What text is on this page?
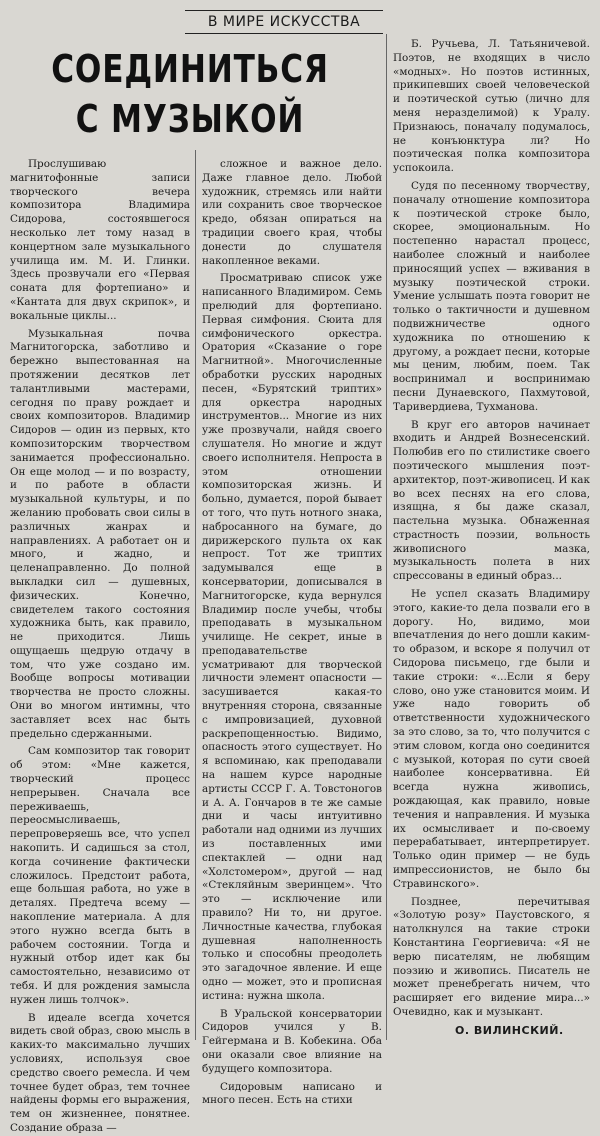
В МИРЕ ИСКУССТВА
СОЕДИНИТЬСЯ
С МУЗЫКОЙ

Прослушиваю магнитофонные записи творческого вечера композитора Владимира Сидорова, состоявшегося несколько лет тому назад в концертном зале музыкального училища им. М. И. Глинки. Здесь прозвучали его «Первая соната для фортепиано» и «Кантата для двух скрипок», и вокальные циклы...

Музыкальная почва Магнитогорска, заботливо и бережно выпестованная на протяжении десятков лет талантливыми мастерами, сегодня по праву рождает и своих композиторов. Владимир Сидоров — один из первых, кто композиторским творчеством занимается профессионально. Он еще молод — и по возрасту, и по работе в области музыкальной культуры, и по желанию пробовать свои силы в различных жанрах и направлениях. А работает он и много, и жадно, и целенаправленно. До полной выкладки сил — душевных, физических. Конечно, свидетелем такого состояния художника быть, как правило, не приходится. Лишь ощущаешь щедрую отдачу в том, что уже создано им. Вообще вопросы мотивации творчества не просто сложны. Они во многом интимны, что заставляет всех нас быть предельно сдержанными.

Сам композитор так говорит об этом: «Мне кажется, творческий процесс непрерывен. Сначала все переживаешь, переосмысливаешь, перепроверяешь все, что успел накопить. И садишься за стол, когда сочинение фактически сложилось. Предстоит работа, еще большая работа, но уже в деталях. Предтеча всему — накопление материала. А для этого нужно всегда быть в рабочем состоянии. Тогда и нужный отбор идет как бы самостоятельно, независимо от тебя. И для рождения замысла нужен лишь толчок».

В идеале всегда хочется видеть свой образ, свою мысль в каких-то максимально лучших условиях, используя свое средство своего ремесла. И чем точнее будет образ, тем точнее найдены формы его выражения, тем он жизненнее, понятнее. Создание образа —

сложное и важное дело. Даже главное дело. Любой художник, стремясь или найти или сохранить свое творческое кредо, обязан опираться на традиции своего края, чтобы донести до слушателя накопленное веками.

Просматриваю список уже написанного Владимиром. Семь прелюдий для фортепиано. Первая симфония. Сюита для симфонического оркестра. Оратория «Сказание о горе Магнитной». Многочисленные обработки русских народных песен, «Бурятский триптих» для оркестра народных инструментов... Многие из них уже прозвучали, найдя своего слушателя. Но многие и ждут своего исполнителя. Непроста в этом отношении композиторская жизнь. И больно, думается, порой бывает от того, что путь нотного знака, набросанного на бумаге, до дирижерского пульта ох как непрост. Тот же триптих задумывался еще в консерватории, дописывался в Магнитогорске, куда вернулся Владимир после учебы, чтобы преподавать в музыкальном училище. Не секрет, иные в преподавательстве усматривают для творческой личности элемент опасности — засушивается какая-то внутренняя сторона, связанные с импровизацией, духовной раскрепощенностью. Видимо, опасность этого существует. Но я вспоминаю, как преподавали на нашем курсе народные артисты СССР Г. А. Товстоногов и А. А. Гончаров в те же самые дни и часы интуитивно работали над одними из лучших из поставленных ими спектаклей — одни над «Холстомером», другой — над «Стекляйным зверинцем». Что это — исключение или правило? Ни то, ни другое. Личностные качества, глубокая душевная наполненность только и способны преодолеть это загадочное явление. И еще одно — может, это и прописная истина: нужна школа.

В Уральской консерватории Сидоров учился у В. Гейгерманa и В. Кобекина. Оба они оказали свое влияние на будущего композитора.

Сидоровым написано и много песен. Есть на стихи

Б. Ручьева, Л. Татьяничевой. Поэтов, не входящих в число «модных». Но поэтов истинных, прикипевших своей человеческой и поэтической сутью (лично для меня неразделимой) к Уралу. Признаюсь, поначалу подумалось, не конъюнктура ли? Но поэтическая полка композитора успокоила.

Судя по песенному творчеству, поначалу отношение композитора к поэтической строке было, скорее, эмоциональным. Но постепенно нарастал процесс, наиболее сложный и наиболее приносящий успех — вживания в музыку поэтической строки. Умение услышать поэта говорит не только о тактичности и душевном подвижничестве одного художника по отношению к другому, а рождает песни, которые мы ценим, любим, поем. Так воспринимал и воспринимаю песни Дунаевского, Пахмутовой, Таривердиева, Тухманова.

В круг его авторов начинает входить и Андрей Вознесенский. Полюбив его по стилистике своего поэтического мышления поэт-архитектор, поэт-живописец. И как во всех песнях на его слова, изящна, я бы даже сказал, пастельна музыка. Обнаженная страстность поэзии, вольность живописного мазка, музыкальность полета в них спрессованы в единый образ...

Не успел сказать Владимиру этого, какие-то дела позвали его в дорогу. Но, видимо, мои впечатления до него дошли каким-то образом, и вскоре я получил от Сидорова письмецо, где были и такие строки: «...Если я беру слово, оно уже становится моим. И уже надо говорить об ответственности художнического за это слово, за то, что получится с этим словом, когда оно соединится с музыкой, которая по сути своей наиболее консервативна. Ей всегда нужна живопись, рождающая, как правило, новые течения и направления. И музыка их осмысливает и по-своему перерабатывает, интерпретирует. Только один пример — не будь импрессионистов, не было бы Стравинского».

Позднее, перечитывая «Золотую розу» Паустовского, я натолкнулся на такие строки Константина Георгиевича: «Я не верю писателям, не любящим поэзию и живопись. Писатель не может пренебрегать ничем, что расширяет его видение мира...» Очевидно, как и музыкант.

О. ВИЛИНСКИЙ.
